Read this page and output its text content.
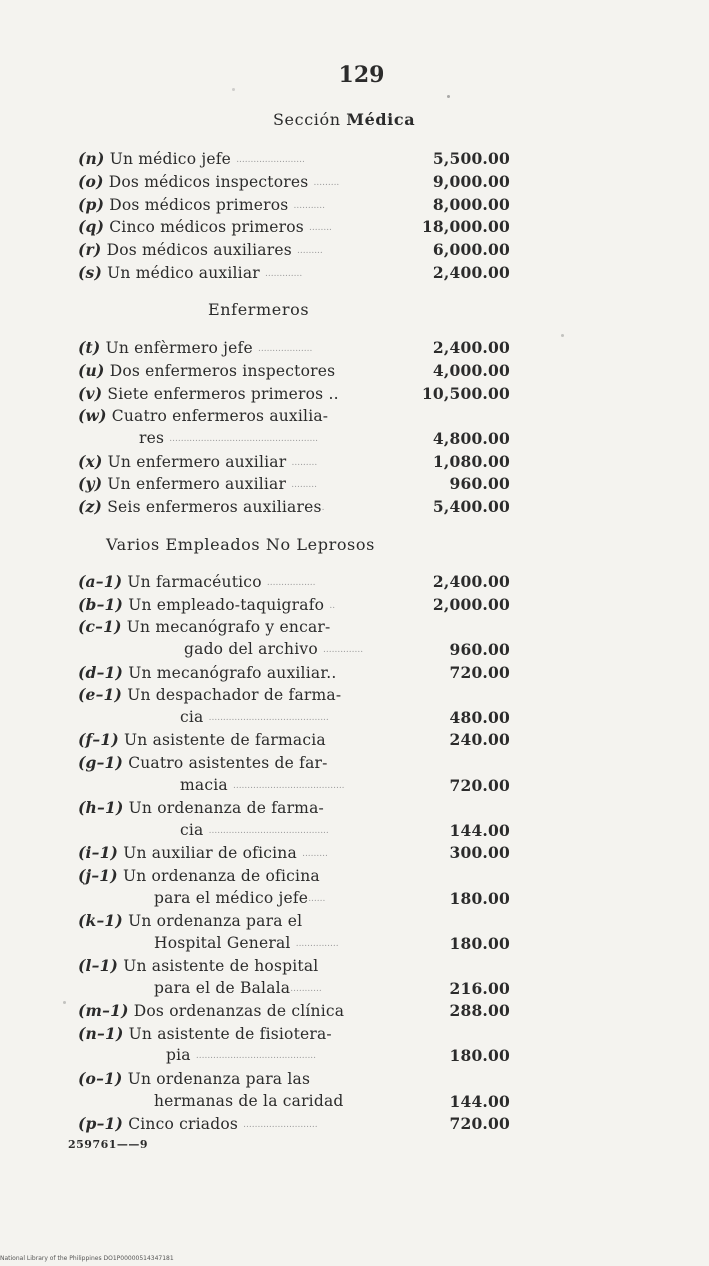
129
Sección Médica
(n) Un médico jefe ........................	5,500.00
(o) Dos médicos inspectores .........	9,000.00
(p) Dos médicos primeros ...........	8,000.00
(q) Cinco médicos primeros ........	18,000.00
(r) Dos médicos auxiliares .........	6,000.00
(s) Un médico auxiliar .............	2,400.00
Enfermeros
(t) Un enfèrmero jefe ...................	2,400.00
(u) Dos enfermeros inspectores	4,000.00
(v) Siete enfermeros primeros ..	10,500.00
(w) Cuatro enfermeros auxilia-
res ....................................................	4,800.00
(x) Un enfermero auxiliar .........	1,080.00
(y) Un enfermero auxiliar .........	960.00
(z) Seis enfermeros auxiliares.	5,400.00
Varios Empleados No Leprosos
(a–1) Un farmacéutico .................	2,400.00
(b–1) Un empleado-taquigrafo ..	2,000.00
(c–1) Un mecanógrafo y encar-
gado del archivo ..............	960.00
(d–1) Un mecanógrafo auxiliar..	720.00
(e–1) Un despachador de farma-
cia ..........................................	480.00
(f–1) Un asistente de farmacia	240.00
(g–1) Cuatro asistentes de far-
macia .......................................	720.00
(h–1) Un ordenanza de farma-
cia ..........................................	144.00
(i–1) Un auxiliar de oficina .........	300.00
(j–1) Un ordenanza de oficina
para el médico jefe......	180.00
(k–1) Un ordenanza para el
Hospital General ...............	180.00
(l–1) Un asistente de hospital
para el de Balala...........	216.00
(m–1) Dos ordenanzas de clínica	288.00
(n–1) Un asistente de fisiotera-
pia ..........................................	180.00
(o–1) Un ordenanza para las
hermanas de la caridad	144.00
(p–1) Cinco criados ..........................	720.00
259761——9
National Library of the Philippines DO1P00000514347181
